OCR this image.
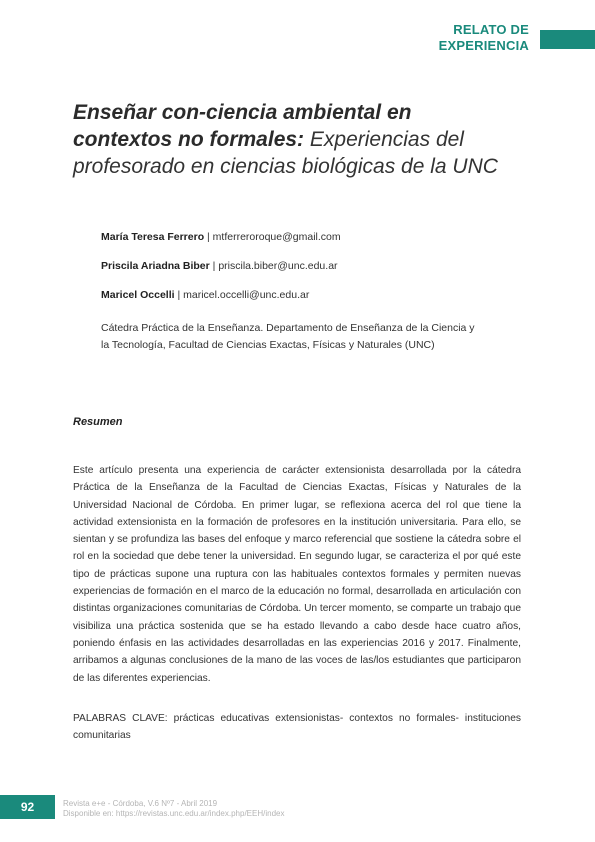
RELATO DE
EXPERIENCIA
Enseñar con-ciencia ambiental en
contextos no formales: Experiencias del
profesorado en ciencias biológicas de la UNC
María Teresa Ferrero | mtferreroroque@gmail.com
Priscila Ariadna Biber | priscila.biber@unc.edu.ar
Maricel Occelli | maricel.occelli@unc.edu.ar
Cátedra Práctica de la Enseñanza. Departamento de Enseñanza de la Ciencia y
la Tecnología, Facultad de Ciencias Exactas, Físicas y Naturales (UNC)
Resumen
Este artículo presenta una experiencia de carácter extensionista desarrollada por la cátedra Práctica de la Enseñanza de la Facultad de Ciencias Exactas, Físicas y Naturales de la Universidad Nacional de Córdoba. En primer lugar, se reflexiona acerca del rol que tiene la actividad extensionista en la formación de profesores en la institución universitaria. Para ello, se sientan y se profundiza las bases del enfoque y marco referencial que sostiene la cátedra sobre el rol en la sociedad que debe tener la universidad. En segundo lugar, se caracteriza el por qué este tipo de prácticas supone una ruptura con las habituales contextos formales y permiten nuevas experiencias de formación en el marco de la educación no formal, desarrollada en articulación con distintas organizaciones comunitarias de Córdoba. Un tercer momento, se comparte un trabajo que visibiliza una práctica sostenida que se ha estado llevando a cabo desde hace cuatro años, poniendo énfasis en las actividades desarrolladas en las experiencias 2016 y 2017. Finalmente, arribamos a algunas conclusiones de la mano de las voces de las/los estudiantes que participaron de las diferentes experiencias.
PALABRAS CLAVE: prácticas educativas extensionistas- contextos no formales- instituciones comunitarias
92	Revista e+e - Córdoba, V.6 Nº7 - Abril 2019
Disponible en: https://revistas.unc.edu.ar/index.php/EEH/index
